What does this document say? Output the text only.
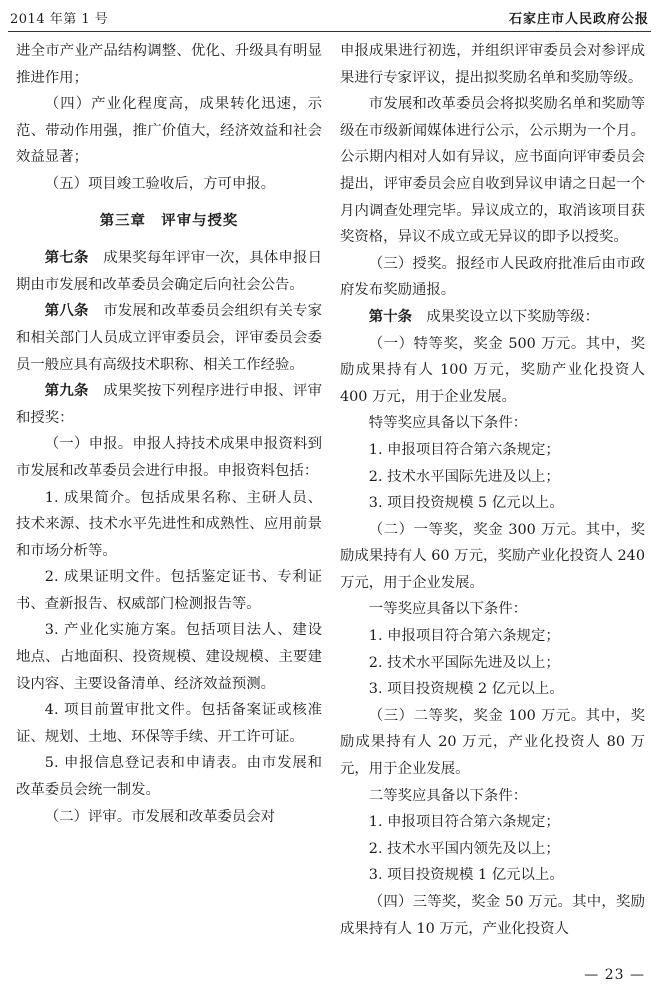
2014 年第 1 号	石家庄市人民政府公报

进全市产业产品结构调整、优化、升级具有明显推进作用；

（四）产业化程度高，成果转化迅速，示范、带动作用强，推广价值大，经济效益和社会效益显著；

（五）项目竣工验收后，方可申报。

第三章　评审与授奖

第七条　成果奖每年评审一次，具体申报日期由市发展和改革委员会确定后向社会公告。

第八条　市发展和改革委员会组织有关专家和相关部门人员成立评审委员会，评审委员会委员一般应具有高级技术职称、相关工作经验。

第九条　成果奖按下列程序进行申报、评审和授奖：

（一）申报。申报人持技术成果申报资料到市发展和改革委员会进行申报。申报资料包括：

1. 成果简介。包括成果名称、主研人员、技术来源、技术水平先进性和成熟性、应用前景和市场分析等。

2. 成果证明文件。包括鉴定证书、专利证书、查新报告、权威部门检测报告等。

3. 产业化实施方案。包括项目法人、建设地点、占地面积、投资规模、建设规模、主要建设内容、主要设备清单、经济效益预测。

4. 项目前置审批文件。包括备案证或核准证、规划、土地、环保等手续、开工许可证。

5. 申报信息登记表和申请表。由市发展和改革委员会统一制发。

（二）评审。市发展和改革委员会对

申报成果进行初选，并组织评审委员会对参评成果进行专家评议，提出拟奖励名单和奖励等级。

市发展和改革委员会将拟奖励名单和奖励等级在市级新闻媒体进行公示，公示期为一个月。公示期内相对人如有异议，应书面向评审委员会提出，评审委员会应自收到异议申请之日起一个月内调查处理完毕。异议成立的，取消该项目获奖资格，异议不成立或无异议的即予以授奖。

（三）授奖。报经市人民政府批准后由市政府发布奖励通报。

第十条　成果奖设立以下奖励等级：

（一）特等奖，奖金 500 万元。其中，奖励成果持有人 100 万元，奖励产业化投资人 400 万元，用于企业发展。

特等奖应具备以下条件：

1. 申报项目符合第六条规定；

2. 技术水平国际先进及以上；

3. 项目投资规模 5 亿元以上。

（二）一等奖，奖金 300 万元。其中，奖励成果持有人 60 万元，奖励产业化投资人 240 万元，用于企业发展。

一等奖应具备以下条件：

1. 申报项目符合第六条规定；

2. 技术水平国际先进及以上；

3. 项目投资规模 2 亿元以上。

（三）二等奖，奖金 100 万元。其中，奖励成果持有人 20 万元，产业化投资人 80 万元，用于企业发展。

二等奖应具备以下条件：

1. 申报项目符合第六条规定；

2. 技术水平国内领先及以上；

3. 项目投资规模 1 亿元以上。

（四）三等奖，奖金 50 万元。其中，奖励成果持有人 10 万元，产业化投资人

— 23 —
